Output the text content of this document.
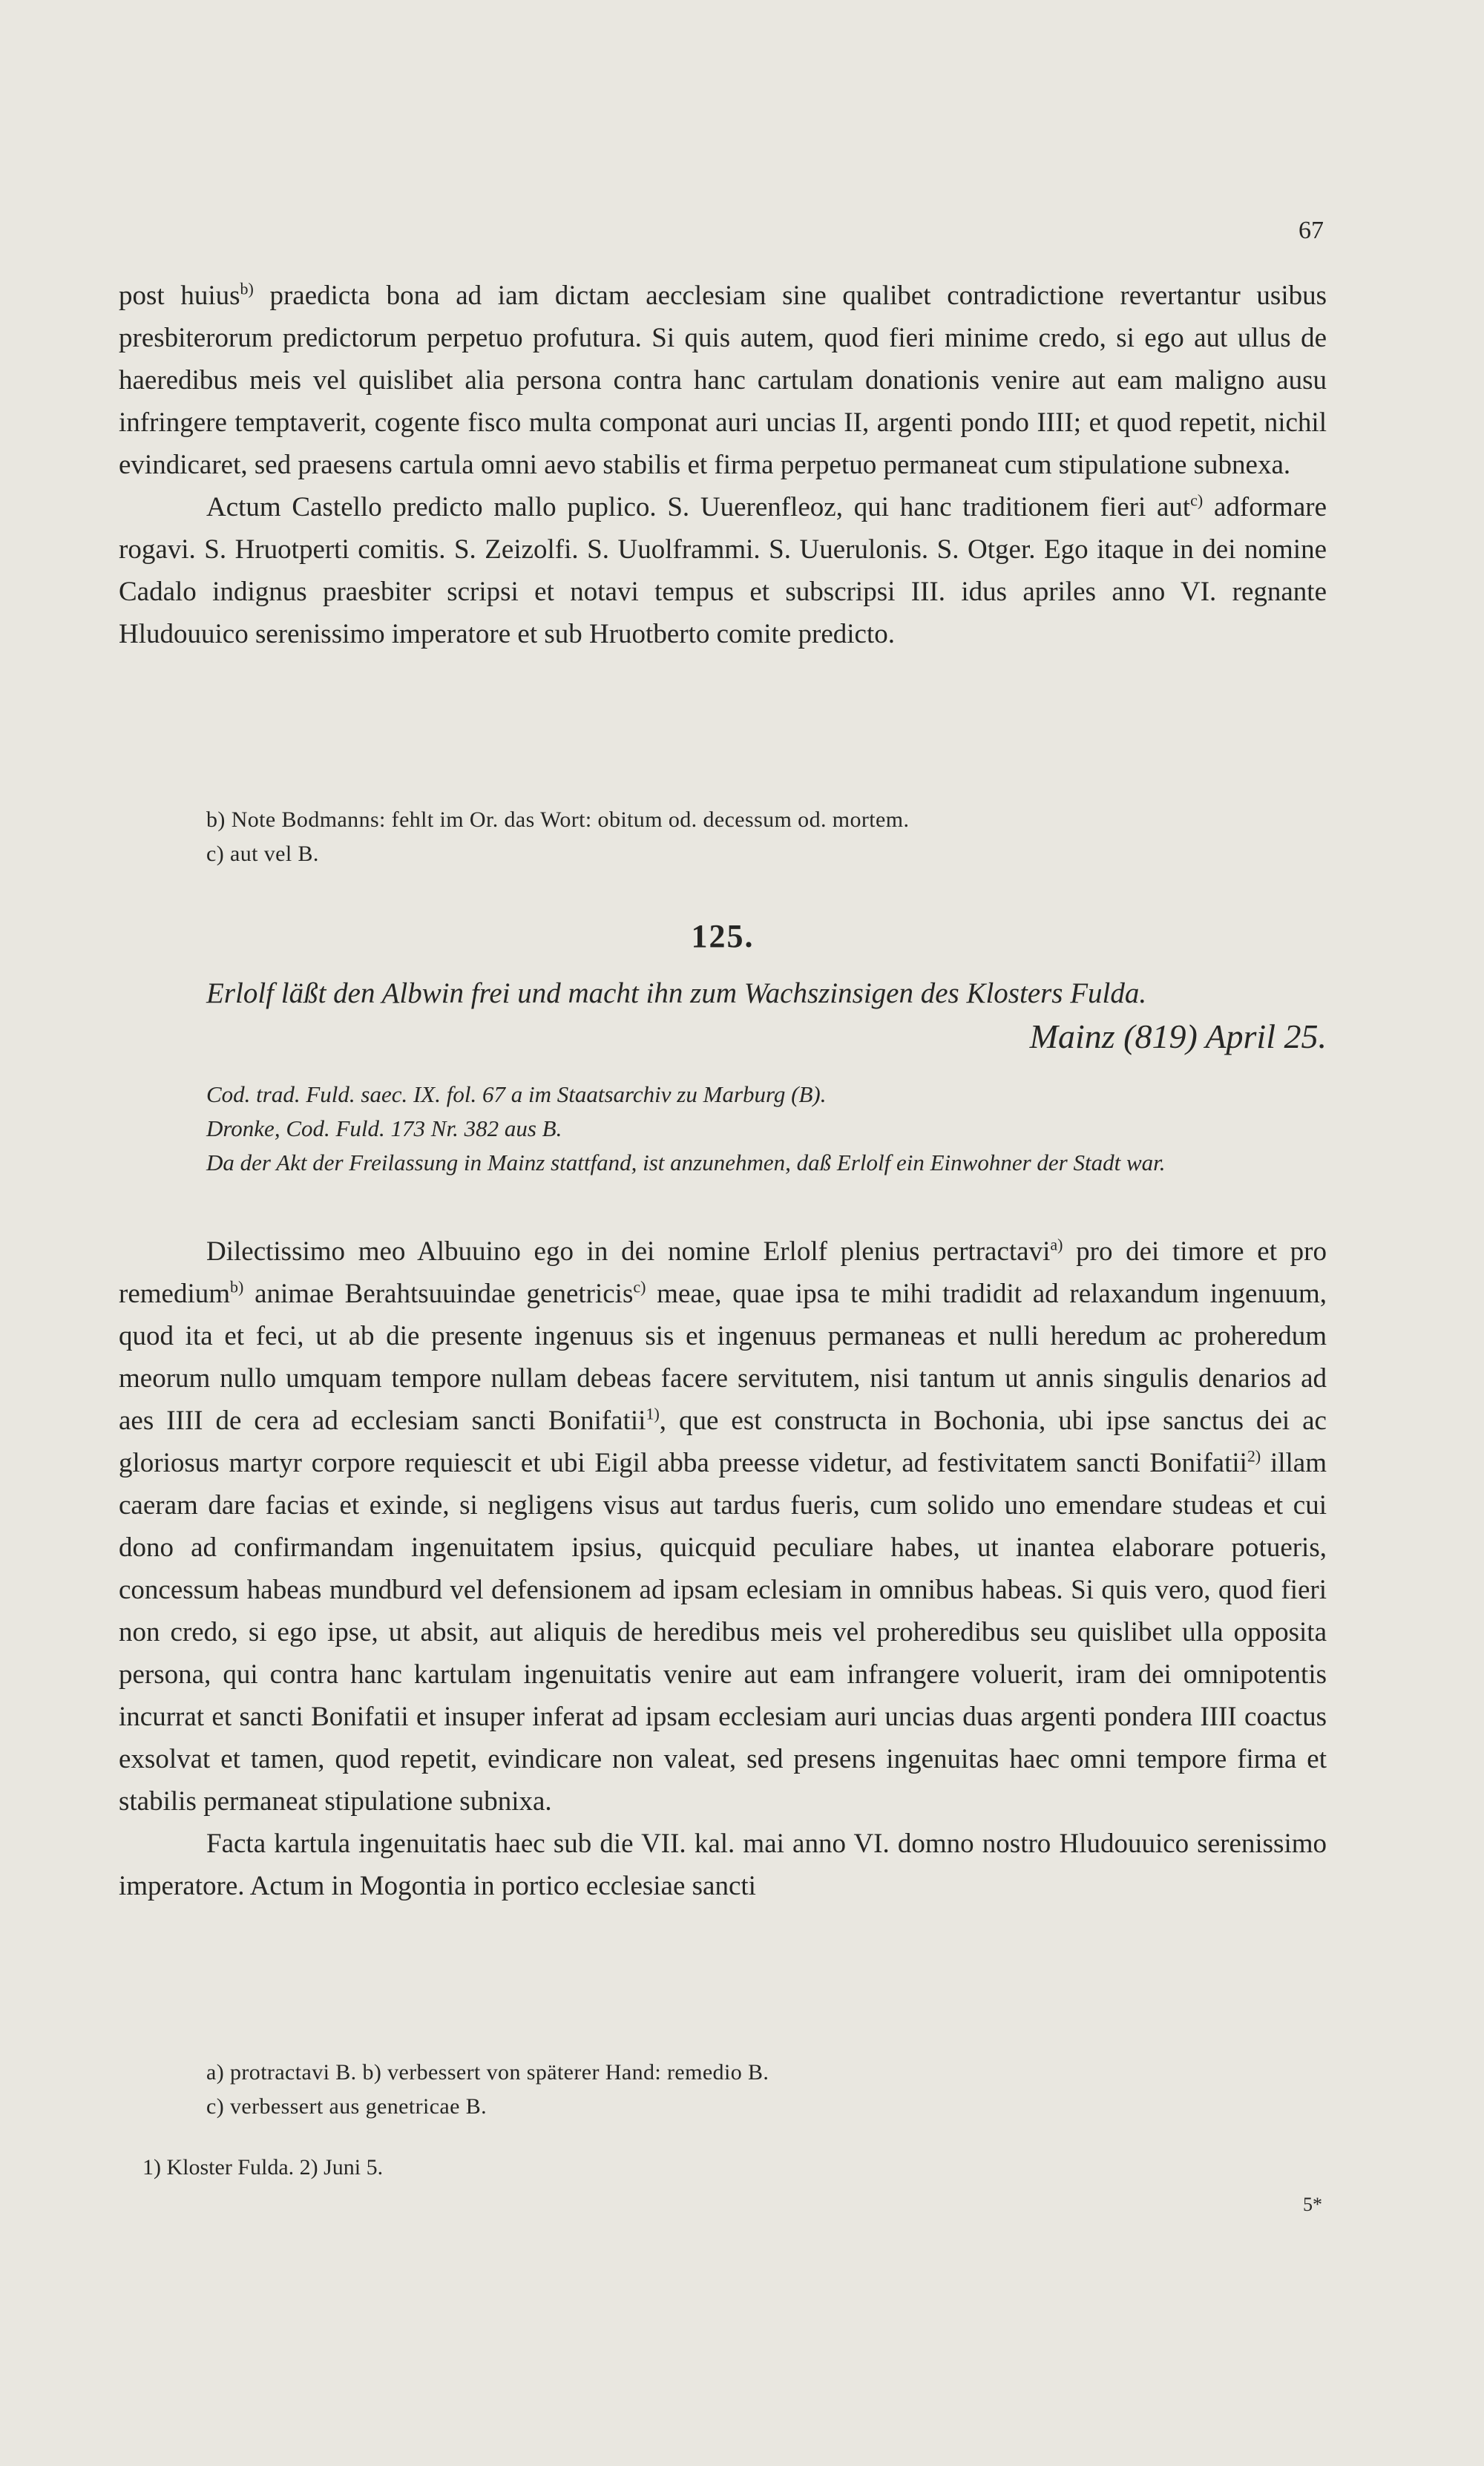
67

post huius$^{b)}$ praedicta bona ad iam dictam aecclesiam sine qualibet contradictione revertantur usibus presbiterorum predictorum perpetuo profutura. Si quis autem, quod fieri minime credo, si ego aut ullus de haeredibus meis vel quislibet alia persona contra hanc cartulam donationis venire aut eam maligno ausu infringere temptaverit, cogente fisco multa componat auri uncias II, argenti pondo IIII; et quod repetit, nichil evindicaret, sed praesens cartula omni aevo stabilis et firma perpetuo permaneat cum stipulatione subnexa.

Actum Castello predicto mallo puplico. S. Uuerenfleoz, qui hanc traditionem fieri aut$^{c)}$ adformare rogavi. S. Hruotperti comitis. S. Zeizolfi. S. Uuolframmi. S. Uuerulonis. S. Otger. Ego itaque in dei nomine Cadalo indignus praesbiter scripsi et notavi tempus et subscripsi III. idus apriles anno VI. regnante Hludouuico serenissimo imperatore et sub Hruotberto comite predicto.

b) Note Bodmanns: fehlt im Or. das Wort: obitum od. decessum od. mortem.

c) aut vel B.

125.
Erlolf läßt den Albwin frei und macht ihn zum Wachszinsigen des Klosters Fulda.
Mainz (819) April 25.

Cod. trad. Fuld. saec. IX. fol. 67 a im Staatsarchiv zu Marburg (B).

Dronke, Cod. Fuld. 173 Nr. 382 aus B.

Da der Akt der Freilassung in Mainz stattfand, ist anzunehmen, daß Erlolf ein Einwohner der Stadt war.

Dilectissimo meo Albuuino ego in dei nomine Erlolf plenius pertractavi$^{a)}$ pro dei timore et pro remedium$^{b)}$ animae Berahtsuuindae genetricis$^{c)}$ meae, quae ipsa te mihi tradidit ad relaxandum ingenuum, quod ita et feci, ut ab die presente ingenuus sis et ingenuus permaneas et nulli heredum ac proheredum meorum nullo umquam tempore nullam debeas facere servitutem, nisi tantum ut annis singulis denarios ad aes IIII de cera ad ecclesiam sancti Bonifatii$^{1)}$, que est constructa in Bochonia, ubi ipse sanctus dei ac gloriosus martyr corpore requiescit et ubi Eigil abba preesse videtur, ad festivitatem sancti Bonifatii$^{2)}$ illam caeram dare facias et exinde, si negligens visus aut tardus fueris, cum solido uno emendare studeas et cui dono ad confirmandam ingenuitatem ipsius, quicquid peculiare habes, ut inantea elaborare potueris, concessum habeas mundburd vel defensionem ad ipsam eclesiam in omnibus habeas. Si quis vero, quod fieri non credo, si ego ipse, ut absit, aut aliquis de heredibus meis vel proheredibus seu quislibet ulla opposita persona, qui contra hanc kartulam ingenuitatis venire aut eam infrangere voluerit, iram dei omnipotentis incurrat et sancti Bonifatii et insuper inferat ad ipsam ecclesiam auri uncias duas argenti pondera IIII coactus exsolvat et tamen, quod repetit, evindicare non valeat, sed presens ingenuitas haec omni tempore firma et stabilis permaneat stipulatione subnixa.

Facta kartula ingenuitatis haec sub die VII. kal. mai anno VI. domno nostro Hludouuico serenissimo imperatore. Actum in Mogontia in portico ecclesiae sancti

a) protractavi B. b) verbessert von späterer Hand: remedio B.

c) verbessert aus genetricae B.

1) Kloster Fulda. 2) Juni 5.

5*
